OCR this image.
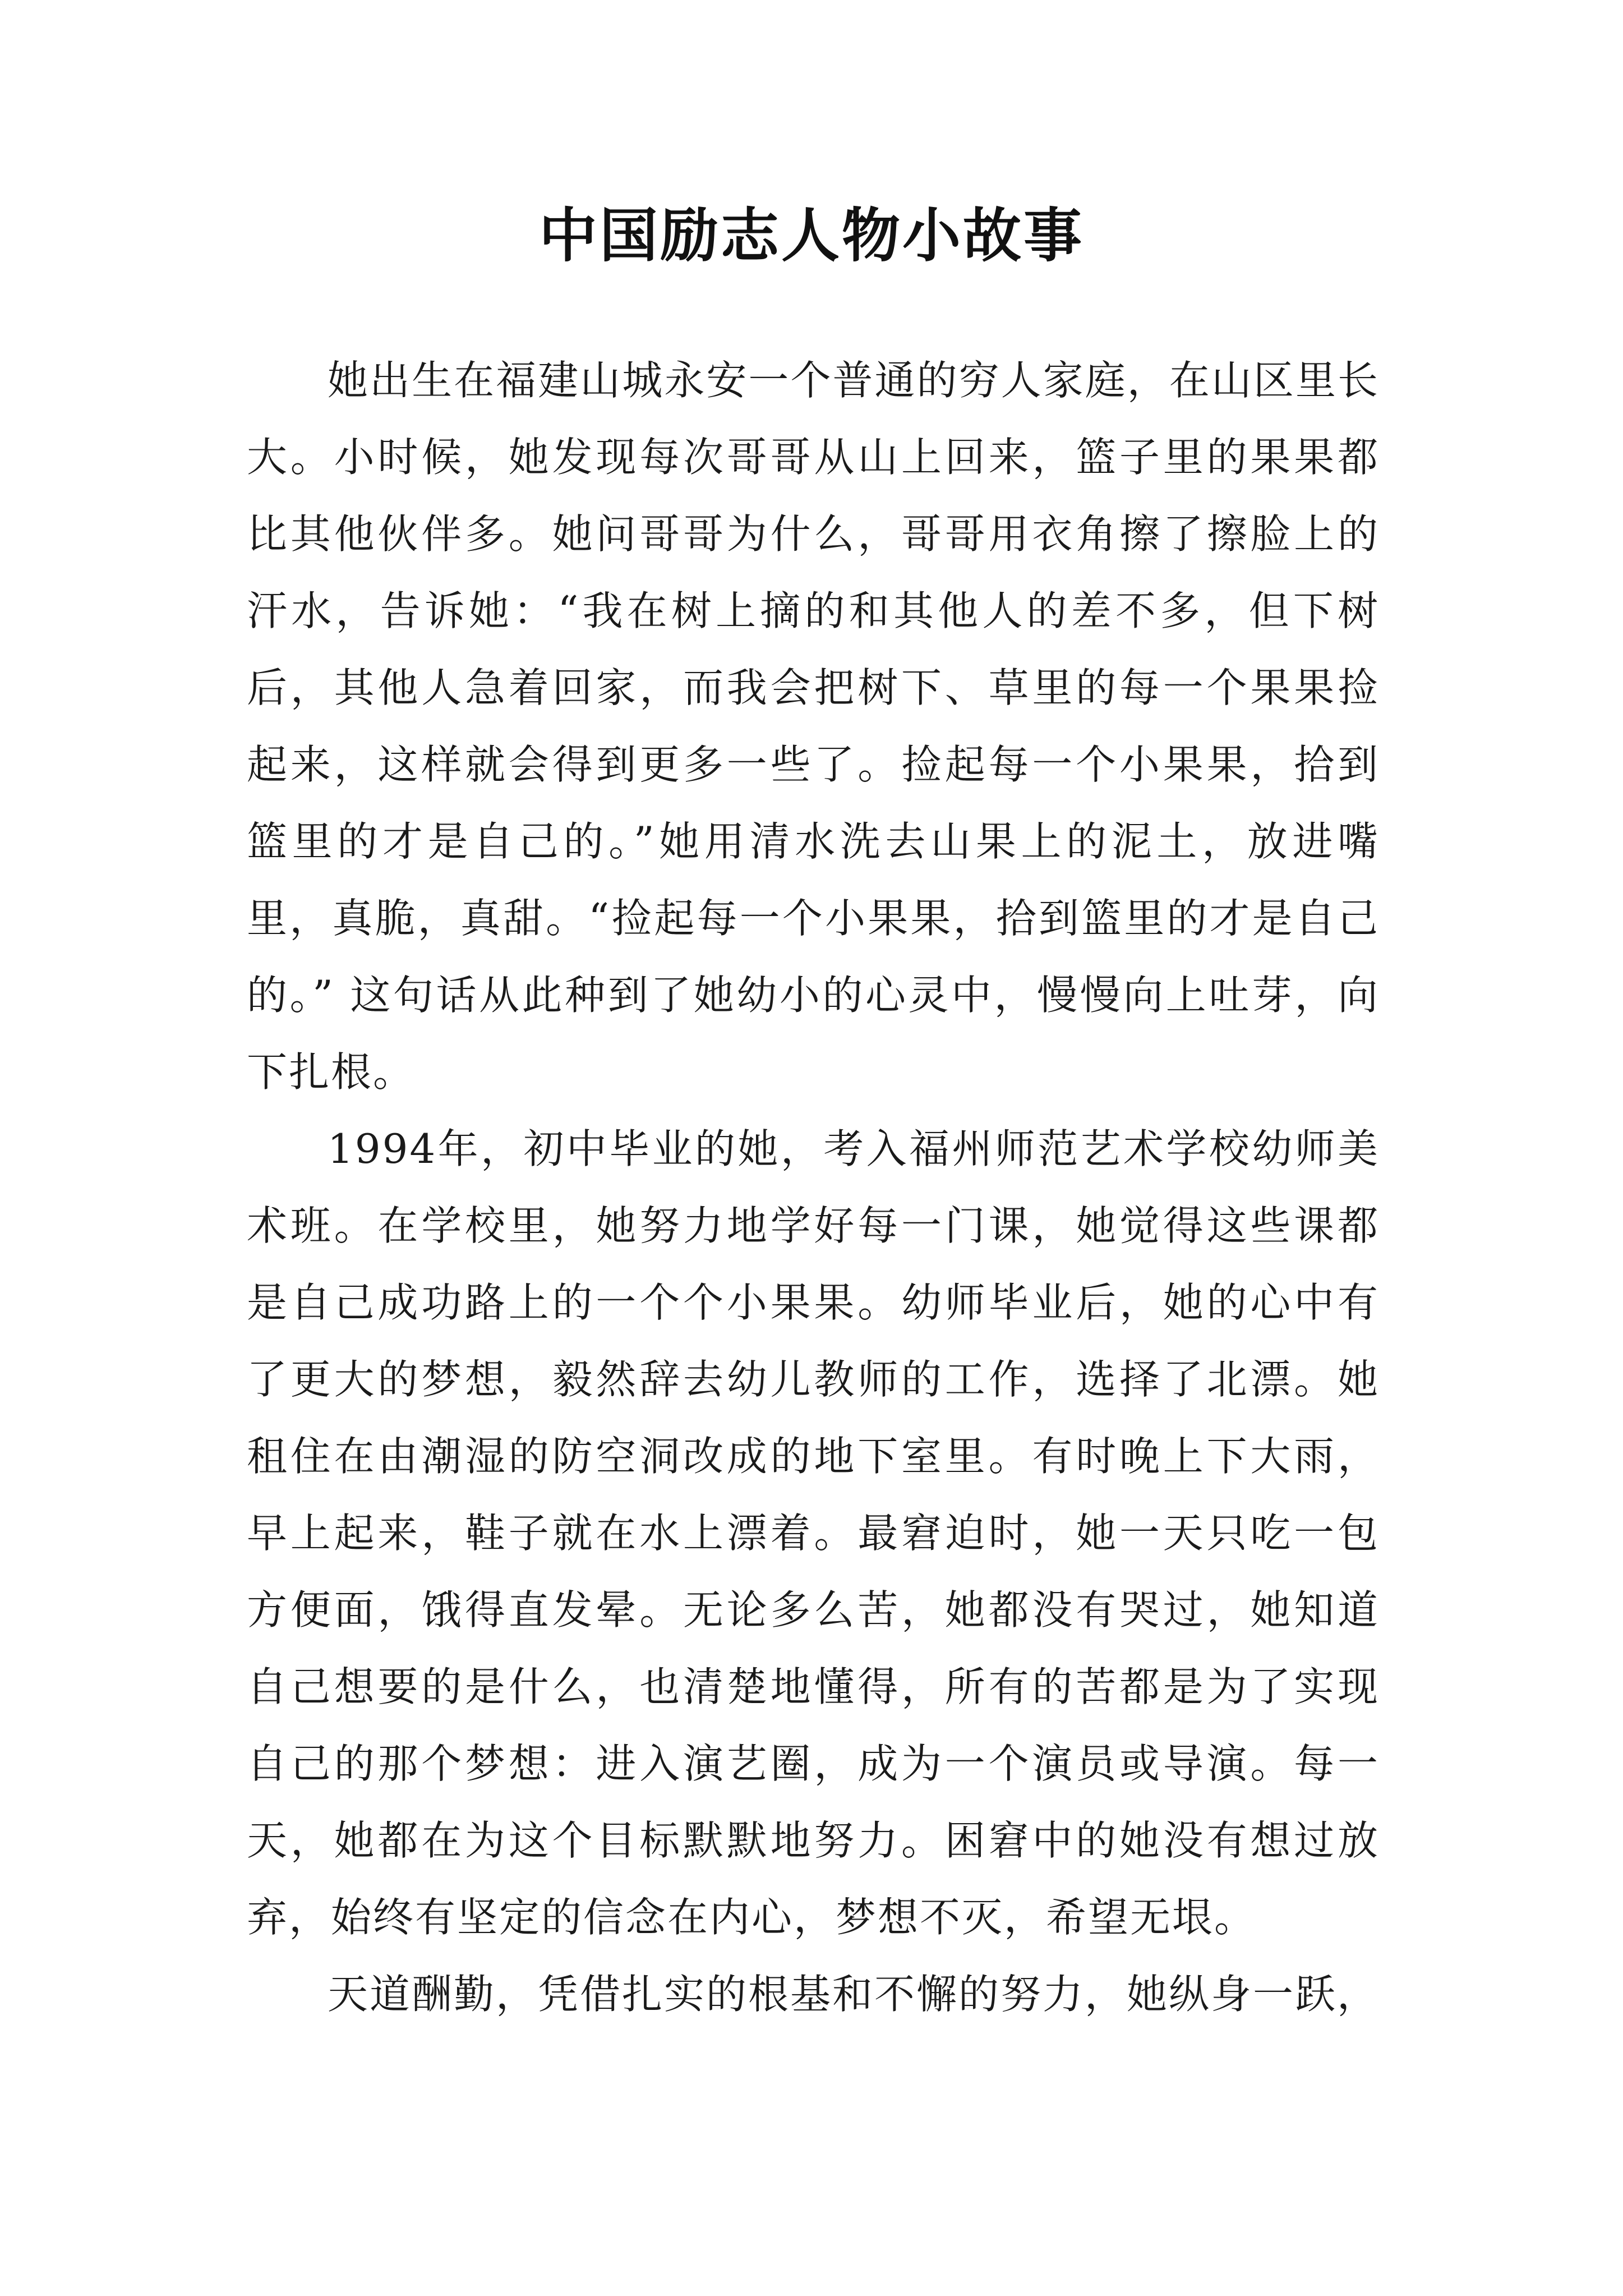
中国励志人物小故事

她出生在福建山城永安一个普通的穷人家庭，在山区里长大。小时候，她发现每次哥哥从山上回来，篮子里的果果都比其他伙伴多。她问哥哥为什么，哥哥用衣角擦了擦脸上的汗水，告诉她：“我在树上摘的和其他人的差不多，但下树后，其他人急着回家，而我会把树下、草里的每一个果果捡起来，这样就会得到更多一些了。捡起每一个小果果，拾到篮里的才是自己的。”她用清水洗去山果上的泥土，放进嘴里，真脆，真甜。“捡起每一个小果果，拾到篮里的才是自己的。” 这句话从此种到了她幼小的心灵中，慢慢向上吐芽，向下扎根。

1994年，初中毕业的她，考入福州师范艺术学校幼师美术班。在学校里，她努力地学好每一门课，她觉得这些课都是自己成功路上的一个个小果果。幼师毕业后，她的心中有了更大的梦想，毅然辞去幼儿教师的工作，选择了北漂。她租住在由潮湿的防空洞改成的地下室里。有时晚上下大雨，早上起来，鞋子就在水上漂着。最窘迫时，她一天只吃一包方便面，饿得直发晕。无论多么苦，她都没有哭过，她知道自己想要的是什么，也清楚地懂得，所有的苦都是为了实现自己的那个梦想：进入演艺圈，成为一个演员或导演。每一天，她都在为这个目标默默地努力。困窘中的她没有想过放弃，始终有坚定的信念在内心，梦想不灭，希望无垠。

天道酬勤，凭借扎实的根基和不懈的努力，她纵身一跃，
